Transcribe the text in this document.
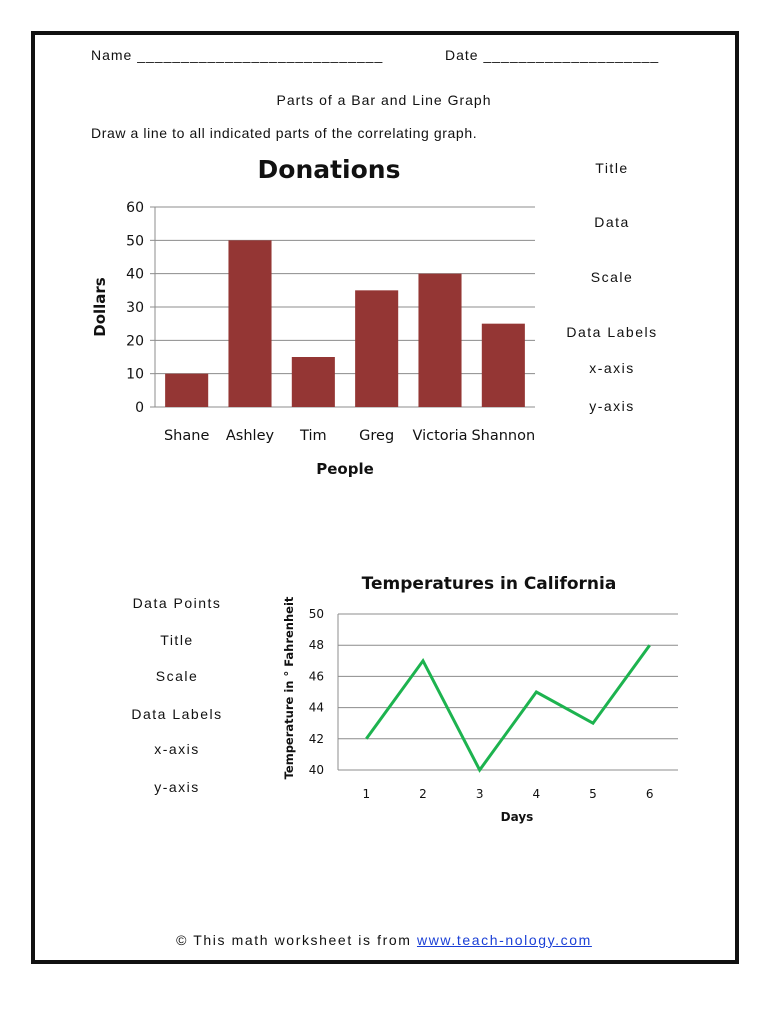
Name ____________________________	Date ____________________
Parts of a Bar and Line Graph
Draw a line to all indicated parts of the correlating graph.
Donations
0
10
20
30
40
50
60
Shane Ashley Tim Greg Victoria Shannon
People
Dollars
Title
Data
Scale
Data Labels
x-axis
y-axis
Data Points
Title
Scale
Data Labels
x-axis
y-axis
Temperatures in California
40
42
44
46
48
50
1	2	3	4	5	6
Days
Temperature in ° Fahrenheit
© This math worksheet is from www.teach-nology.com
